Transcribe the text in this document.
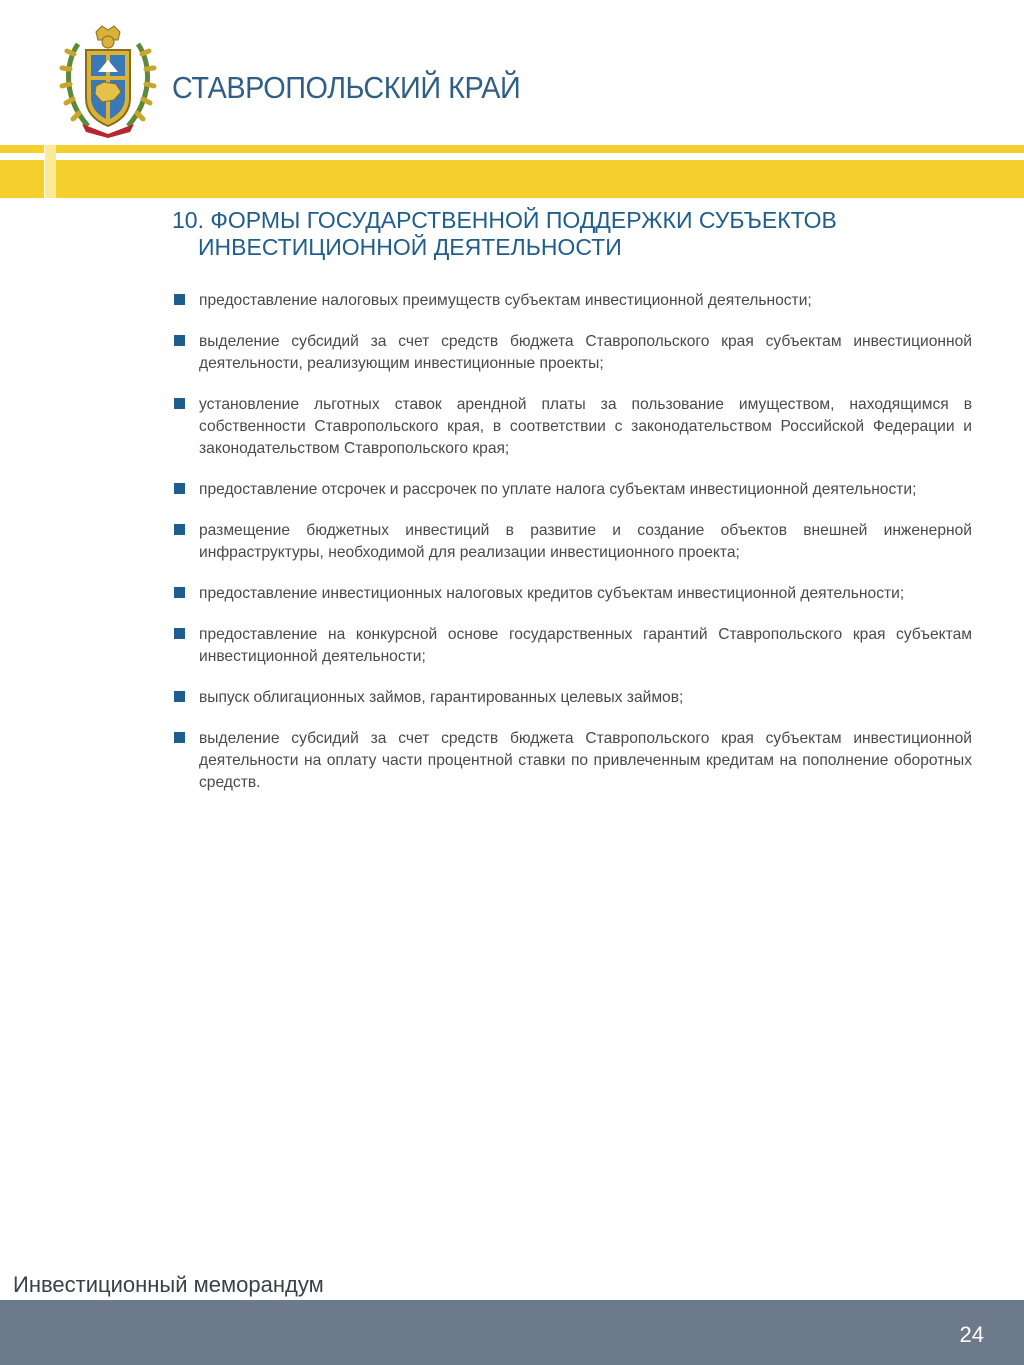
СТАВРОПОЛЬСКИЙ КРАЙ
10. ФОРМЫ ГОСУДАРСТВЕННОЙ ПОДДЕРЖКИ СУБЪЕКТОВ
ИНВЕСТИЦИОННОЙ ДЕЯТЕЛЬНОСТИ
предоставление налоговых преимуществ субъектам инвестиционной деятельности;
выделение субсидий за счет средств бюджета Ставропольского края субъектам инвестиционной деятельности, реализующим инвестиционные проекты;
установление льготных ставок арендной платы за пользование имуществом, находящимся в собственности Ставропольского края, в соответствии с законодательством Российской Федерации и законодательством Ставропольского края;
предоставление отсрочек и рассрочек по уплате налога субъектам инвестиционной деятельности;
размещение бюджетных инвестиций в развитие и создание объектов внешней инженерной инфраструктуры, необходимой для реализации инвестиционного проекта;
предоставление инвестиционных налоговых кредитов субъектам инвестиционной деятельности;
предоставление на конкурсной основе государственных гарантий Ставропольского края субъектам инвестиционной деятельности;
выпуск облигационных займов, гарантированных целевых займов;
выделение субсидий за счет средств бюджета Ставропольского края субъектам инвестиционной деятельности на оплату части процентной ставки по привлеченным кредитам на пополнение оборотных средств.
Инвестиционный меморандум
24
